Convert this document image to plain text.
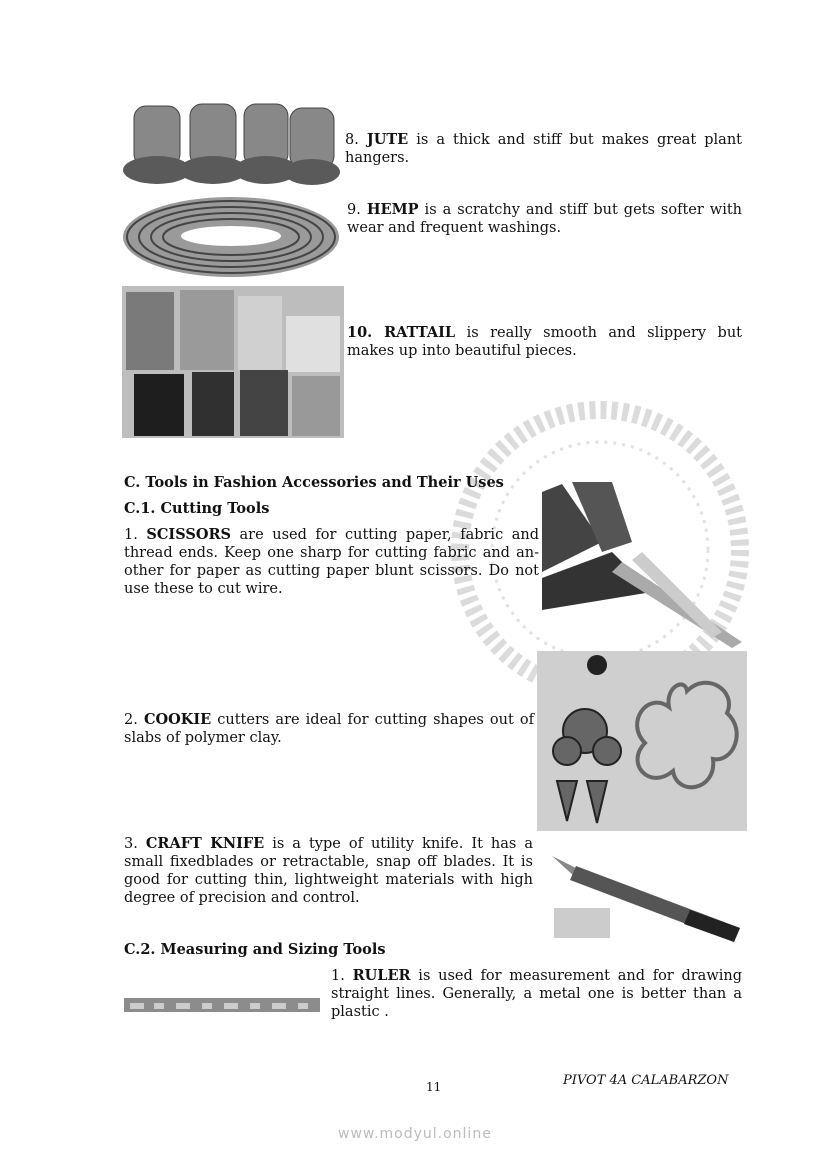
8. JUTE is a thick and stiff but makes great plant hangers.
9. HEMP is a scratchy and stiff but gets softer with wear and frequent washings.
10. RATTAIL is really smooth and slippery but makes up into beautiful pieces.
C. Tools in Fashion Accessories and Their Uses
C.1. Cutting Tools
1. SCISSORS are used for cutting paper, fabric and thread ends. Keep one sharp for cutting fabric and an-other for paper as cutting paper blunt scissors. Do not use these to cut wire.
2. COOKIE cutters are ideal for cutting shapes out of slabs of polymer clay.
3. CRAFT KNIFE is a type of utility knife. It has a small fixedblades or retractable, snap off blades. It is good for cutting thin, lightweight materials with high degree of precision and control.
C.2. Measuring and Sizing Tools
1. RULER is used for measurement and for drawing straight lines. Generally, a metal one is better than a plastic .
11	PIVOT 4A CALABARZON
www.modyul.online
